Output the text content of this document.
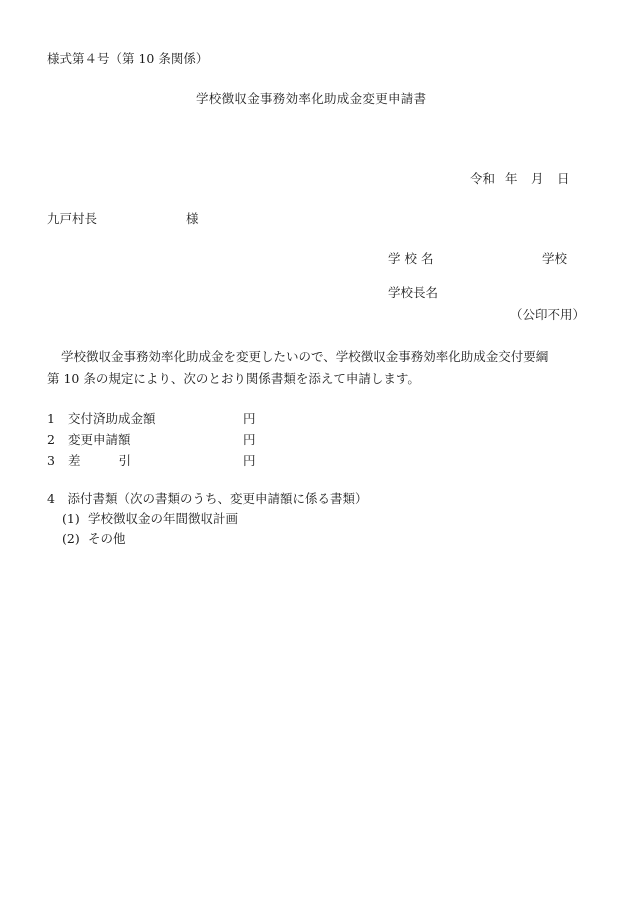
様式第４号（第 10 条関係）
学校徴収金事務効率化助成金変更申請書
令和 年 月 日
九戸村長	様
学校名	学校
学校長名
（公印不用）
学校徴収金事務効率化助成金を変更したいので、学校徴収金事務効率化助成金交付要綱
第 10 条の規定により、次のとおり関係書類を添えて申請します。
1 交付済助成金額	円
2 変更申請額	円
3 差	引	円
4　添付書類（次の書類のうち、変更申請額に係る書類）
(1) 学校徴収金の年間徴収計画
(2) その他
